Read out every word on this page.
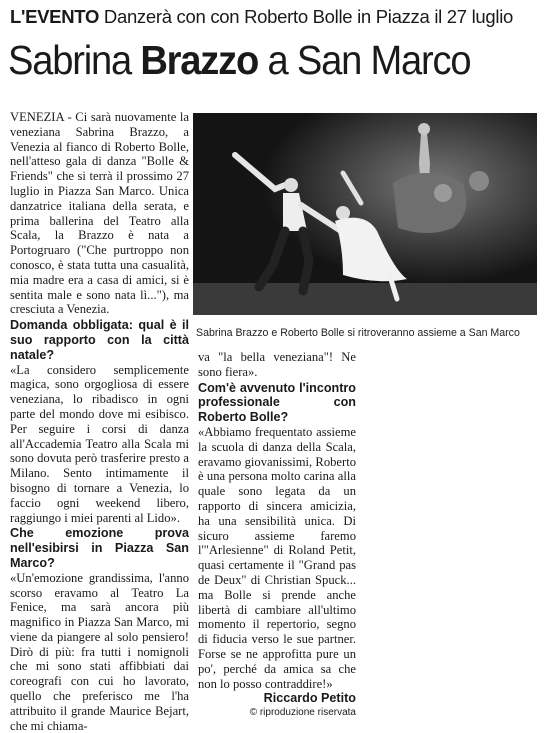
L'EVENTO Danzerà con con Roberto Bolle in Piazza il 27 luglio
Sabrina Brazzo a San Marco

VENEZIA - Ci sarà nuovamente la veneziana Sabrina Brazzo, a Venezia al fianco di Roberto Bolle, nell'atteso gala di danza "Bolle & Friends" che si terrà il prossimo 27 luglio in Piazza San Marco. Unica danzatrice italiana della serata, e prima ballerina del Teatro alla Scala, la Brazzo è nata a Portogruaro ("Che purtroppo non conosco, è stata tutta una casualità, mia madre era a casa di amici, si è sentita male e sono nata lì..."), ma cresciuta a Venezia.

Domanda obbligata: qual è il suo rapporto con la città natale?

«La considero semplicemente magica, sono orgogliosa di essere veneziana, lo ribadisco in ogni parte del mondo dove mi esibisco. Per seguire i corsi di danza all'Accademia Teatro alla Scala mi sono dovuta però trasferire presto a Milano. Sento intimamente il bisogno di tornare a Venezia, lo faccio ogni weekend libero, raggiungo i miei parenti al Lido».

Che emozione prova nell'esibirsi in Piazza San Marco?

«Un'emozione grandissima, l'anno scorso eravamo al Teatro La Fenice, ma sarà ancora più magnifico in Piazza San Marco, mi viene da piangere al solo pensiero! Dirò di più: fra tutti i nomignoli che mi sono stati affibbiati dai coreografi con cui ho lavorato, quello che preferisco me l'ha attribuito il grande Maurice Bejart, che mi chiama-

Sabrina Brazzo e Roberto Bolle si ritroveranno assieme a San Marco

va "la bella veneziana"! Ne sono fiera».

Com'è avvenuto l'incontro professionale con Roberto Bolle?

«Abbiamo frequentato assieme la scuola di danza della Scala, eravamo giovanissimi, Roberto è una persona molto carina alla quale sono legata da un rapporto di sincera amicizia, ha una sensibilità unica. Di sicuro assieme faremo l'"Arlesienne" di Roland Petit, quasi certamente il "Grand pas de Deux" di Christian Spuck... ma Bolle si prende anche libertà di cambiare all'ultimo momento il repertorio, segno di fiducia verso le sue partner. Forse se ne approfitta pure un po', perché da amica sa che non lo posso contraddire!»

Riccardo Petito

© riproduzione riservata
